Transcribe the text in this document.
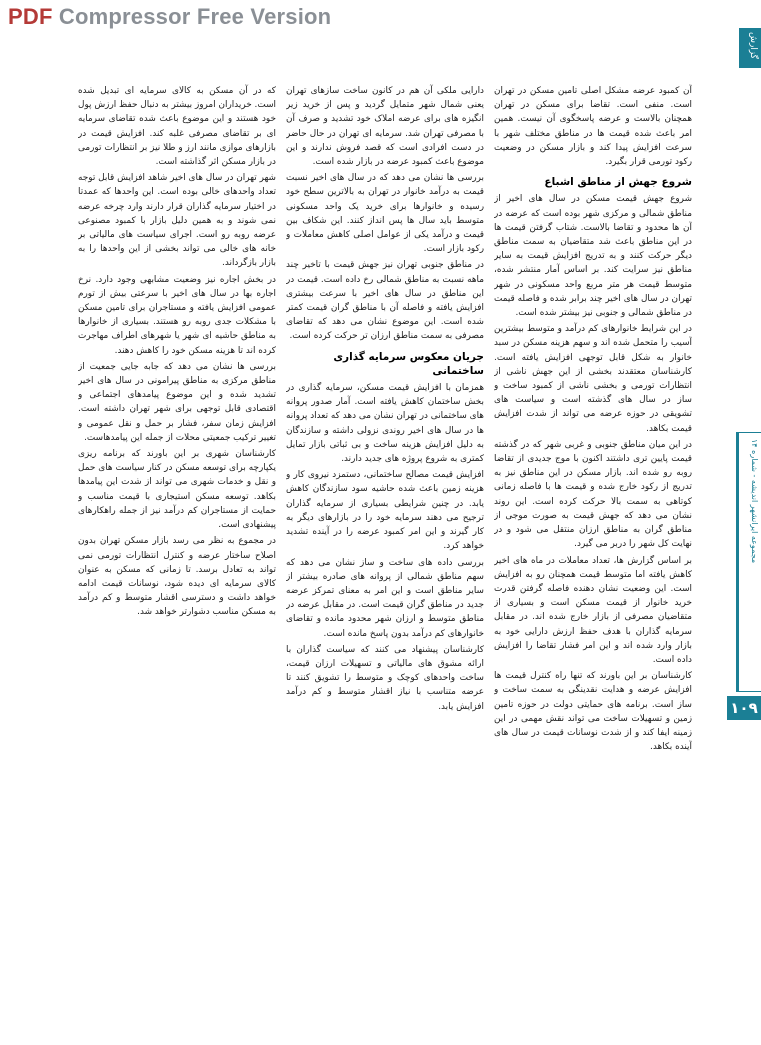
PDF Compressor Free Version
گزارش
مجموعه ایرانشهر اندیشه - شماره ۱۴
۱۰۹

آن کمبود عرضه مشکل اصلی تامین مسکن در تهران است. منفی است. تقاضا برای مسکن در تهران همچنان بالاست و عرضه پاسخگوی آن نیست. همین امر باعث شده قیمت ها در مناطق مختلف شهر با سرعت افزایش پیدا کند و بازار مسکن در وضعیت رکود تورمی قرار بگیرد.

شروع جهش از مناطق اشباع

شروع جهش قیمت مسکن در سال های اخیر از مناطق شمالی و مرکزی شهر بوده است که عرضه در آن ها محدود و تقاضا بالاست. شتاب گرفتن قیمت ها در این مناطق باعث شد متقاضیان به سمت مناطق دیگر حرکت کنند و به تدریج افزایش قیمت به سایر مناطق نیز سرایت کند. بر اساس آمار منتشر شده، متوسط قیمت هر متر مربع واحد مسکونی در شهر تهران در سال های اخیر چند برابر شده و فاصله قیمت در مناطق شمالی و جنوبی نیز بیشتر شده است.

در این شرایط خانوارهای کم درآمد و متوسط بیشترین آسیب را متحمل شده اند و سهم هزینه مسکن در سبد خانوار به شکل قابل توجهی افزایش یافته است. کارشناسان معتقدند بخشی از این جهش ناشی از انتظارات تورمی و بخشی ناشی از کمبود ساخت و ساز در سال های گذشته است و سیاست های تشویقی در حوزه عرضه می تواند از شدت افزایش قیمت بکاهد.

در این میان مناطق جنوبی و غربی شهر که در گذشته قیمت پایین تری داشتند اکنون با موج جدیدی از تقاضا روبه رو شده اند. بازار مسکن در این مناطق نیز به تدریج از رکود خارج شده و قیمت ها با فاصله زمانی کوتاهی به سمت بالا حرکت کرده است. این روند نشان می دهد که جهش قیمت به صورت موجی از مناطق گران به مناطق ارزان منتقل می شود و در نهایت کل شهر را دربر می گیرد.

بر اساس گزارش ها، تعداد معاملات در ماه های اخیر کاهش یافته اما متوسط قیمت همچنان رو به افزایش است. این وضعیت نشان دهنده فاصله گرفتن قدرت خرید خانوار از قیمت مسکن است و بسیاری از متقاضیان مصرفی از بازار خارج شده اند. در مقابل سرمایه گذاران با هدف حفظ ارزش دارایی خود به بازار وارد شده اند و این امر فشار تقاضا را افزایش داده است.

کارشناسان بر این باورند که تنها راه کنترل قیمت ها افزایش عرضه و هدایت نقدینگی به سمت ساخت و ساز است. برنامه های حمایتی دولت در حوزه تامین زمین و تسهیلات ساخت می تواند نقش مهمی در این زمینه ایفا کند و از شدت نوسانات قیمت در سال های آینده بکاهد.

دارایی ملکی آن هم در کانون ساخت سازهای تهران یعنی شمال شهر متمایل گردید و پس از خرید زیر انگیزه های برای عرضه املاک خود تشدید و صرف آن با مصرفی تهران شد. سرمایه ای تهران در حال حاضر در دست افرادی است که قصد فروش ندارند و این موضوع باعث کمبود عرضه در بازار شده است.

بررسی ها نشان می دهد که در سال های اخیر نسبت قیمت به درآمد خانوار در تهران به بالاترین سطح خود رسیده و خانوارها برای خرید یک واحد مسکونی متوسط باید سال ها پس انداز کنند. این شکاف بین قیمت و درآمد یکی از عوامل اصلی کاهش معاملات و رکود بازار است.

در مناطق جنوبی تهران نیز جهش قیمت با تاخیر چند ماهه نسبت به مناطق شمالی رخ داده است. قیمت در این مناطق در سال های اخیر با سرعت بیشتری افزایش یافته و فاصله آن با مناطق گران قیمت کمتر شده است. این موضوع نشان می دهد که تقاضای مصرفی به سمت مناطق ارزان تر حرکت کرده است.

جریان معکوس سرمایه گذاری ساختمانی

همزمان با افزایش قیمت مسکن، سرمایه گذاری در بخش ساختمان کاهش یافته است. آمار صدور پروانه های ساختمانی در تهران نشان می دهد که تعداد پروانه ها در سال های اخیر روندی نزولی داشته و سازندگان به دلیل افزایش هزینه ساخت و بی ثباتی بازار تمایل کمتری به شروع پروژه های جدید دارند.

افزایش قیمت مصالح ساختمانی، دستمزد نیروی کار و هزینه زمین باعث شده حاشیه سود سازندگان کاهش یابد. در چنین شرایطی بسیاری از سرمایه گذاران ترجیح می دهند سرمایه خود را در بازارهای دیگر به کار گیرند و این امر کمبود عرضه را در آینده تشدید خواهد کرد.

بررسی داده های ساخت و ساز نشان می دهد که سهم مناطق شمالی از پروانه های صادره بیشتر از سایر مناطق است و این امر به معنای تمرکز عرضه جدید در مناطق گران قیمت است. در مقابل عرضه در مناطق متوسط و ارزان شهر محدود مانده و تقاضای خانوارهای کم درآمد بدون پاسخ مانده است.

کارشناسان پیشنهاد می کنند که سیاست گذاران با ارائه مشوق های مالیاتی و تسهیلات ارزان قیمت، ساخت واحدهای کوچک و متوسط را تشویق کنند تا عرضه متناسب با نیاز اقشار متوسط و کم درآمد افزایش یابد.

که در آن مسکن به کالای سرمایه ای تبدیل شده است. خریداران امروز بیشتر به دنبال حفظ ارزش پول خود هستند و این موضوع باعث شده تقاضای سرمایه ای بر تقاضای مصرفی غلبه کند. افزایش قیمت در بازارهای موازی مانند ارز و طلا نیز بر انتظارات تورمی در بازار مسکن اثر گذاشته است.

شهر تهران در سال های اخیر شاهد افزایش قابل توجه تعداد واحدهای خالی بوده است. این واحدها که عمدتا در اختیار سرمایه گذاران قرار دارند وارد چرخه عرضه نمی شوند و به همین دلیل بازار با کمبود مصنوعی عرضه روبه رو است. اجرای سیاست های مالیاتی بر خانه های خالی می تواند بخشی از این واحدها را به بازار بازگرداند.

در بخش اجاره نیز وضعیت مشابهی وجود دارد. نرخ اجاره بها در سال های اخیر با سرعتی بیش از تورم عمومی افزایش یافته و مستاجران برای تامین مسکن با مشکلات جدی روبه رو هستند. بسیاری از خانوارها به مناطق حاشیه ای شهر یا شهرهای اطراف مهاجرت کرده اند تا هزینه مسکن خود را کاهش دهند.

بررسی ها نشان می دهد که جابه جایی جمعیت از مناطق مرکزی به مناطق پیرامونی در سال های اخیر تشدید شده و این موضوع پیامدهای اجتماعی و اقتصادی قابل توجهی برای شهر تهران داشته است. افزایش زمان سفر، فشار بر حمل و نقل عمومی و تغییر ترکیب جمعیتی محلات از جمله این پیامدهاست.

کارشناسان شهری بر این باورند که برنامه ریزی یکپارچه برای توسعه مسکن در کنار سیاست های حمل و نقل و خدمات شهری می تواند از شدت این پیامدها بکاهد. توسعه مسکن استیجاری با قیمت مناسب و حمایت از مستاجران کم درآمد نیز از جمله راهکارهای پیشنهادی است.

در مجموع به نظر می رسد بازار مسکن تهران بدون اصلاح ساختار عرضه و کنترل انتظارات تورمی نمی تواند به تعادل برسد. تا زمانی که مسکن به عنوان کالای سرمایه ای دیده شود، نوسانات قیمت ادامه خواهد داشت و دسترسی اقشار متوسط و کم درآمد به مسکن مناسب دشوارتر خواهد شد.
